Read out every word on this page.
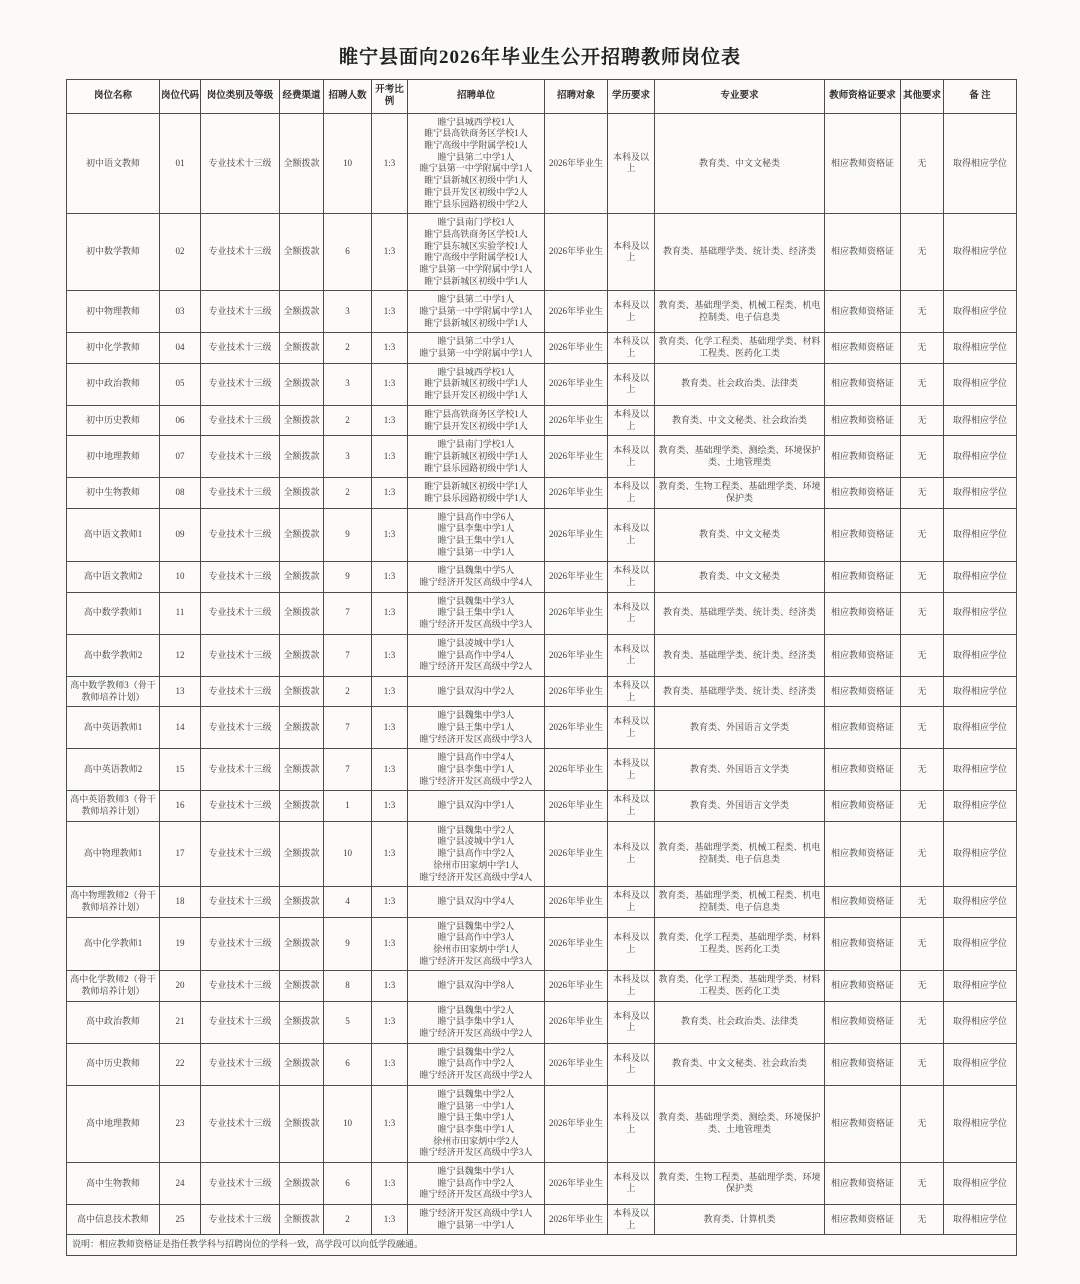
睢宁县面向2026年毕业生公开招聘教师岗位表
岗位名称	岗位代码	岗位类别及等级	经费渠道	招聘人数	开考比例	招聘单位	招聘对象	学历要求	专业要求	教师资格证要求	其他要求	备 注
初中语文教师	01	专业技术十三级	全额拨款	10	1:3	
睢宁县城西学校1人
睢宁县高铁商务区学校1人
睢宁高级中学附属学校1人
睢宁县第二中学1人
睢宁县第一中学附属中学1人
睢宁县新城区初级中学1人
睢宁县开发区初级中学2人
睢宁县乐园路初级中学2人
	2026年毕业生	本科及以上	教育类、中文文秘类	相应教师资格证	无	取得相应学位
初中数学教师	02	专业技术十三级	全额拨款	6	1:3	
睢宁县南门学校1人
睢宁县高铁商务区学校1人
睢宁县东城区实验学校1人
睢宁高级中学附属学校1人
睢宁县第一中学附属中学1人
睢宁县新城区初级中学1人
	2026年毕业生	本科及以上	教育类、基础理学类、统计类、经济类	相应教师资格证	无	取得相应学位
初中物理教师	03	专业技术十三级	全额拨款	3	1:3	睢宁县第二中学1人
睢宁县第一中学附属中学1人
睢宁县新城区初级中学1人	2026年毕业生	本科及以上	教育类、基础理学类、机械工程类、机电控制类、电子信息类	相应教师资格证	无	取得相应学位
初中化学教师	04	专业技术十三级	全额拨款	2	1:3	睢宁县第二中学1人
睢宁县第一中学附属中学1人	2026年毕业生	本科及以上	教育类、化学工程类、基础理学类、材料工程类、医药化工类	相应教师资格证	无	取得相应学位
初中政治教师	05	专业技术十三级	全额拨款	3	1:3	睢宁县城西学校1人
睢宁县新城区初级中学1人
睢宁县开发区初级中学1人	2026年毕业生	本科及以上	教育类、社会政治类、法律类	相应教师资格证	无	取得相应学位
初中历史教师	06	专业技术十三级	全额拨款	2	1:3	睢宁县高铁商务区学校1人
睢宁县开发区初级中学1人	2026年毕业生	本科及以上	教育类、中文文秘类、社会政治类	相应教师资格证	无	取得相应学位
初中地理教师	07	专业技术十三级	全额拨款	3	1:3	睢宁县南门学校1人
睢宁县新城区初级中学1人
睢宁县乐园路初级中学1人	2026年毕业生	本科及以上	教育类、基础理学类、测绘类、环境保护类、土地管理类	相应教师资格证	无	取得相应学位
初中生物教师	08	专业技术十三级	全额拨款	2	1:3	睢宁县新城区初级中学1人
睢宁县乐园路初级中学1人	2026年毕业生	本科及以上	教育类、生物工程类、基础理学类、环境保护类	相应教师资格证	无	取得相应学位
高中语文教师1	09	专业技术十三级	全额拨款	9	1:3	睢宁县高作中学6人
睢宁县李集中学1人
睢宁县王集中学1人
睢宁县第一中学1人	2026年毕业生	本科及以上	教育类、中文文秘类	相应教师资格证	无	取得相应学位
高中语文教师2	10	专业技术十三级	全额拨款	9	1:3	睢宁县魏集中学5人
睢宁经济开发区高级中学4人	2026年毕业生	本科及以上	教育类、中文文秘类	相应教师资格证	无	取得相应学位
高中数学教师1	11	专业技术十三级	全额拨款	7	1:3	睢宁县魏集中学3人
睢宁县王集中学1人
睢宁经济开发区高级中学3人	2026年毕业生	本科及以上	教育类、基础理学类、统计类、经济类	相应教师资格证	无	取得相应学位
高中数学教师2	12	专业技术十三级	全额拨款	7	1:3	睢宁县凌城中学1人
睢宁县高作中学4人
睢宁经济开发区高级中学2人	2026年毕业生	本科及以上	教育类、基础理学类、统计类、经济类	相应教师资格证	无	取得相应学位
高中数学教师3（骨干教师培养计划）	13	专业技术十三级	全额拨款	2	1:3	睢宁县双沟中学2人	2026年毕业生	本科及以上	教育类、基础理学类、统计类、经济类	相应教师资格证	无	取得相应学位
高中英语教师1	14	专业技术十三级	全额拨款	7	1:3	睢宁县魏集中学3人
睢宁县王集中学1人
睢宁经济开发区高级中学3人	2026年毕业生	本科及以上	教育类、外国语言文学类	相应教师资格证	无	取得相应学位
高中英语教师2	15	专业技术十三级	全额拨款	7	1:3	睢宁县高作中学4人
睢宁县李集中学1人
睢宁经济开发区高级中学2人	2026年毕业生	本科及以上	教育类、外国语言文学类	相应教师资格证	无	取得相应学位
高中英语教师3（骨干教师培养计划）	16	专业技术十三级	全额拨款	1	1:3	睢宁县双沟中学1人	2026年毕业生	本科及以上	教育类、外国语言文学类	相应教师资格证	无	取得相应学位
高中物理教师1	17	专业技术十三级	全额拨款	10	1:3	睢宁县魏集中学2人
睢宁县凌城中学1人
睢宁县高作中学2人
徐州市田家炳中学1人
睢宁经济开发区高级中学4人	2026年毕业生	本科及以上	教育类、基础理学类、机械工程类、机电控制类、电子信息类	相应教师资格证	无	取得相应学位
高中物理教师2（骨干教师培养计划）	18	专业技术十三级	全额拨款	4	1:3	睢宁县双沟中学4人	2026年毕业生	本科及以上	教育类、基础理学类、机械工程类、机电控制类、电子信息类	相应教师资格证	无	取得相应学位
高中化学教师1	19	专业技术十三级	全额拨款	9	1:3	睢宁县魏集中学2人
睢宁县高作中学3人
徐州市田家炳中学1人
睢宁经济开发区高级中学3人	2026年毕业生	本科及以上	教育类、化学工程类、基础理学类、材料工程类、医药化工类	相应教师资格证	无	取得相应学位
高中化学教师2（骨干教师培养计划）	20	专业技术十三级	全额拨款	8	1:3	睢宁县双沟中学8人	2026年毕业生	本科及以上	教育类、化学工程类、基础理学类、材料工程类、医药化工类	相应教师资格证	无	取得相应学位
高中政治教师	21	专业技术十三级	全额拨款	5	1:3	睢宁县魏集中学2人
睢宁县李集中学1人
睢宁经济开发区高级中学2人	2026年毕业生	本科及以上	教育类、社会政治类、法律类	相应教师资格证	无	取得相应学位
高中历史教师	22	专业技术十三级	全额拨款	6	1:3	睢宁县魏集中学2人
睢宁县高作中学2人
睢宁经济开发区高级中学2人	2026年毕业生	本科及以上	教育类、中文文秘类、社会政治类	相应教师资格证	无	取得相应学位
高中地理教师	23	专业技术十三级	全额拨款	10	1:3	
睢宁县魏集中学2人
睢宁县第一中学1人
睢宁县王集中学1人
睢宁县李集中学1人
徐州市田家炳中学2人
睢宁经济开发区高级中学3人
	2026年毕业生	本科及以上	教育类、基础理学类、测绘类、环境保护类、土地管理类	相应教师资格证	无	取得相应学位
高中生物教师	24	专业技术十三级	全额拨款	6	1:3	睢宁县魏集中学1人
睢宁县高作中学2人
睢宁经济开发区高级中学3人	2026年毕业生	本科及以上	教育类、生物工程类、基础理学类、环境保护类	相应教师资格证	无	取得相应学位
高中信息技术教师	25	专业技术十三级	全额拨款	2	1:3	睢宁经济开发区高级中学1人
睢宁县第一中学1人	2026年毕业生	本科及以上	教育类、计算机类	相应教师资格证	无	取得相应学位
说明：相应教师资格证是指任教学科与招聘岗位的学科一致，高学段可以向低学段融通。												
